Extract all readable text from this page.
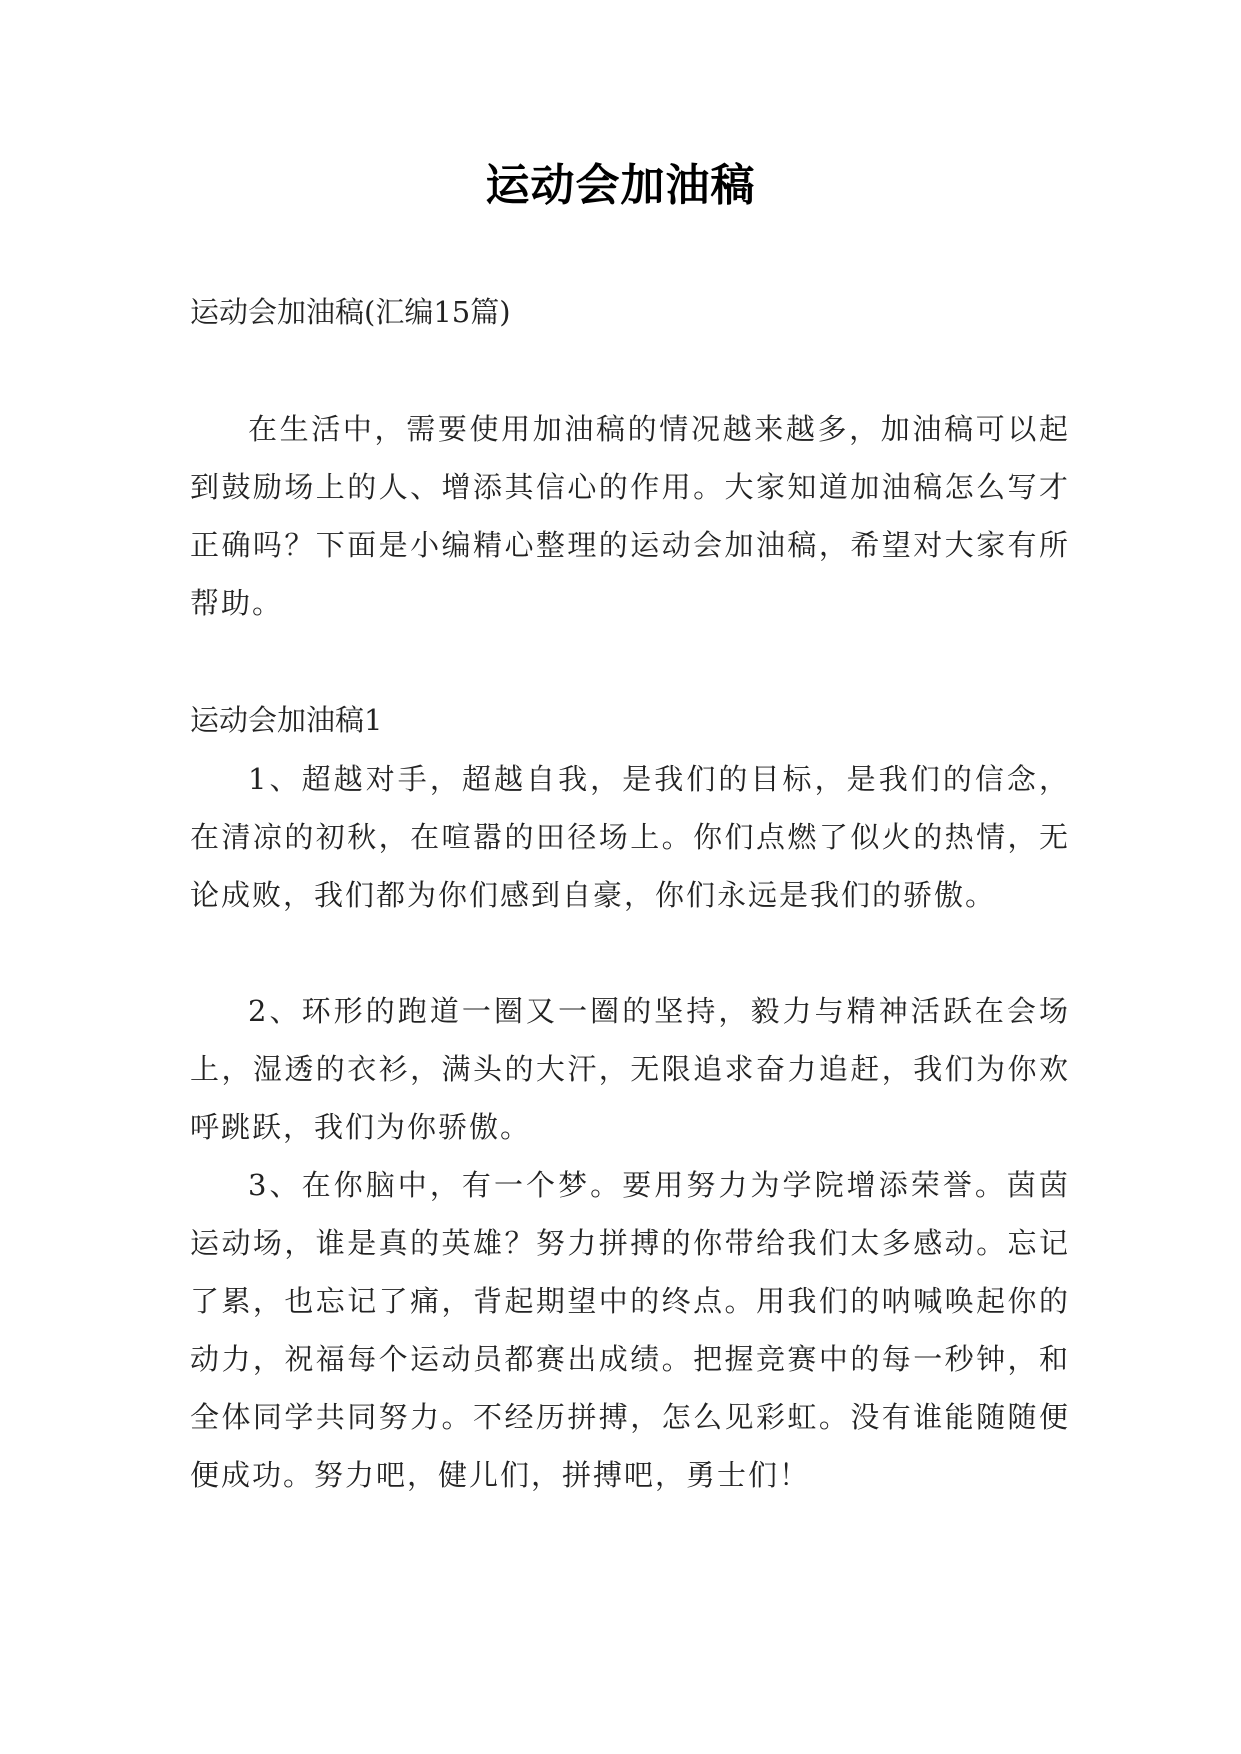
运动会加油稿
运动会加油稿(汇编15篇)

在生活中，需要使用加油稿的情况越来越多，加油稿可以起到鼓励场上的人、增添其信心的作用。大家知道加油稿怎么写才正确吗？下面是小编精心整理的运动会加油稿，希望对大家有所帮助。

运动会加油稿1

1、超越对手，超越自我，是我们的目标，是我们的信念，在清凉的初秋，在喧嚣的田径场上。你们点燃了似火的热情，无论成败，我们都为你们感到自豪，你们永远是我们的骄傲。

2、环形的跑道一圈又一圈的坚持，毅力与精神活跃在会场上，湿透的衣衫，满头的大汗，无限追求奋力追赶，我们为你欢呼跳跃，我们为你骄傲。

3、在你脑中，有一个梦。要用努力为学院增添荣誉。茵茵运动场，谁是真的英雄？努力拼搏的你带给我们太多感动。忘记了累，也忘记了痛，背起期望中的终点。用我们的呐喊唤起你的动力，祝福每个运动员都赛出成绩。把握竞赛中的每一秒钟，和全体同学共同努力。不经历拼搏，怎么见彩虹。没有谁能随随便便成功。努力吧，健儿们，拼搏吧，勇士们！
